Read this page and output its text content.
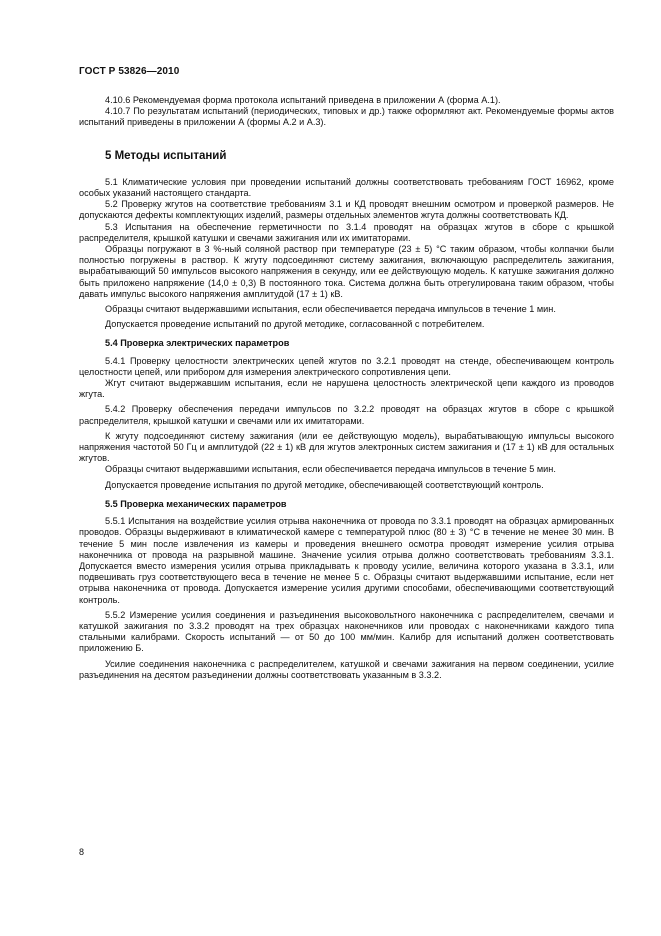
ГОСТ Р 53826—2010

4.10.6 Рекомендуемая форма протокола испытаний приведена в приложении А (форма А.1).

4.10.7 По результатам испытаний (периодических, типовых и др.) также оформляют акт. Рекомендуемые формы актов испытаний приведены в приложении А (формы А.2 и А.3).

5 Методы испытаний

5.1 Климатические условия при проведении испытаний должны соответствовать требованиям ГОСТ 16962, кроме особых указаний настоящего стандарта.

5.2 Проверку жгутов на соответствие требованиям 3.1 и КД проводят внешним осмотром и проверкой размеров. Не допускаются дефекты комплектующих изделий, размеры отдельных элементов жгута должны соответствовать КД.

5.3 Испытания на обеспечение герметичности по 3.1.4 проводят на образцах жгутов в сборе с крышкой распределителя, крышкой катушки и свечами зажигания или их имитаторами.

Образцы погружают в 3 %-ный соляной раствор при температуре (23 ± 5) °С таким образом, чтобы колпачки были полностью погружены в раствор. К жгуту подсоединяют систему зажигания, включающую распределитель зажигания, вырабатывающий 50 импульсов высокого напряжения в секунду, или ее действующую модель. К катушке зажигания должно быть приложено напряжение (14,0 ± 0,3) В постоянного тока. Система должна быть отрегулирована таким образом, чтобы давать импульс высокого напряжения амплитудой (17 ± 1) кВ.

Образцы считают выдержавшими испытания, если обеспечивается передача импульсов в течение 1 мин.

Допускается проведение испытаний по другой методике, согласованной с потребителем.

5.4 Проверка электрических параметров

5.4.1 Проверку целостности электрических цепей жгутов по 3.2.1 проводят на стенде, обеспечивающем контроль целостности цепей, или прибором для измерения электрического сопротивления цепи.

Жгут считают выдержавшим испытания, если не нарушена целостность электрической цепи каждого из проводов жгута.

5.4.2 Проверку обеспечения передачи импульсов по 3.2.2 проводят на образцах жгутов в сборе с крышкой распределителя, крышкой катушки и свечами или их имитаторами.

К жгуту подсоединяют систему зажигания (или ее действующую модель), вырабатывающую импульсы высокого напряжения частотой 50 Гц и амплитудой (22 ± 1) кВ для жгутов электронных систем зажигания и (17 ± 1) кВ для остальных жгутов.

Образцы считают выдержавшими испытания, если обеспечивается передача импульсов в течение 5 мин.

Допускается проведение испытания по другой методике, обеспечивающей соответствующий контроль.

5.5 Проверка механических параметров

5.5.1 Испытания на воздействие усилия отрыва наконечника от провода по 3.3.1 проводят на образцах армированных проводов. Образцы выдерживают в климатической камере с температурой плюс (80 ± 3) °С в течение не менее 30 мин. В течение 5 мин после извлечения из камеры и проведения внешнего осмотра проводят измерение усилия отрыва наконечника от провода на разрывной машине. Значение усилия отрыва должно соответствовать требованиям 3.3.1. Допускается вместо измерения усилия отрыва прикладывать к проводу усилие, величина которого указана в 3.3.1, или подвешивать груз соответствующего веса в течение не менее 5 с. Образцы считают выдержавшими испытание, если нет отрыва наконечника от провода. Допускается измерение усилия другими способами, обеспечивающими соответствующий контроль.

5.5.2 Измерение усилия соединения и разъединения высоковольтного наконечника с распределителем, свечами и катушкой зажигания по 3.3.2 проводят на трех образцах наконечников или проводах с наконечниками каждого типа стальными калибрами. Скорость испытаний — от 50 до 100 мм/мин. Калибр для испытаний должен соответствовать приложению Б.

Усилие соединения наконечника с распределителем, катушкой и свечами зажигания на первом соединении, усилие разъединения на десятом разъединении должны соответствовать указанным в 3.3.2.

8
